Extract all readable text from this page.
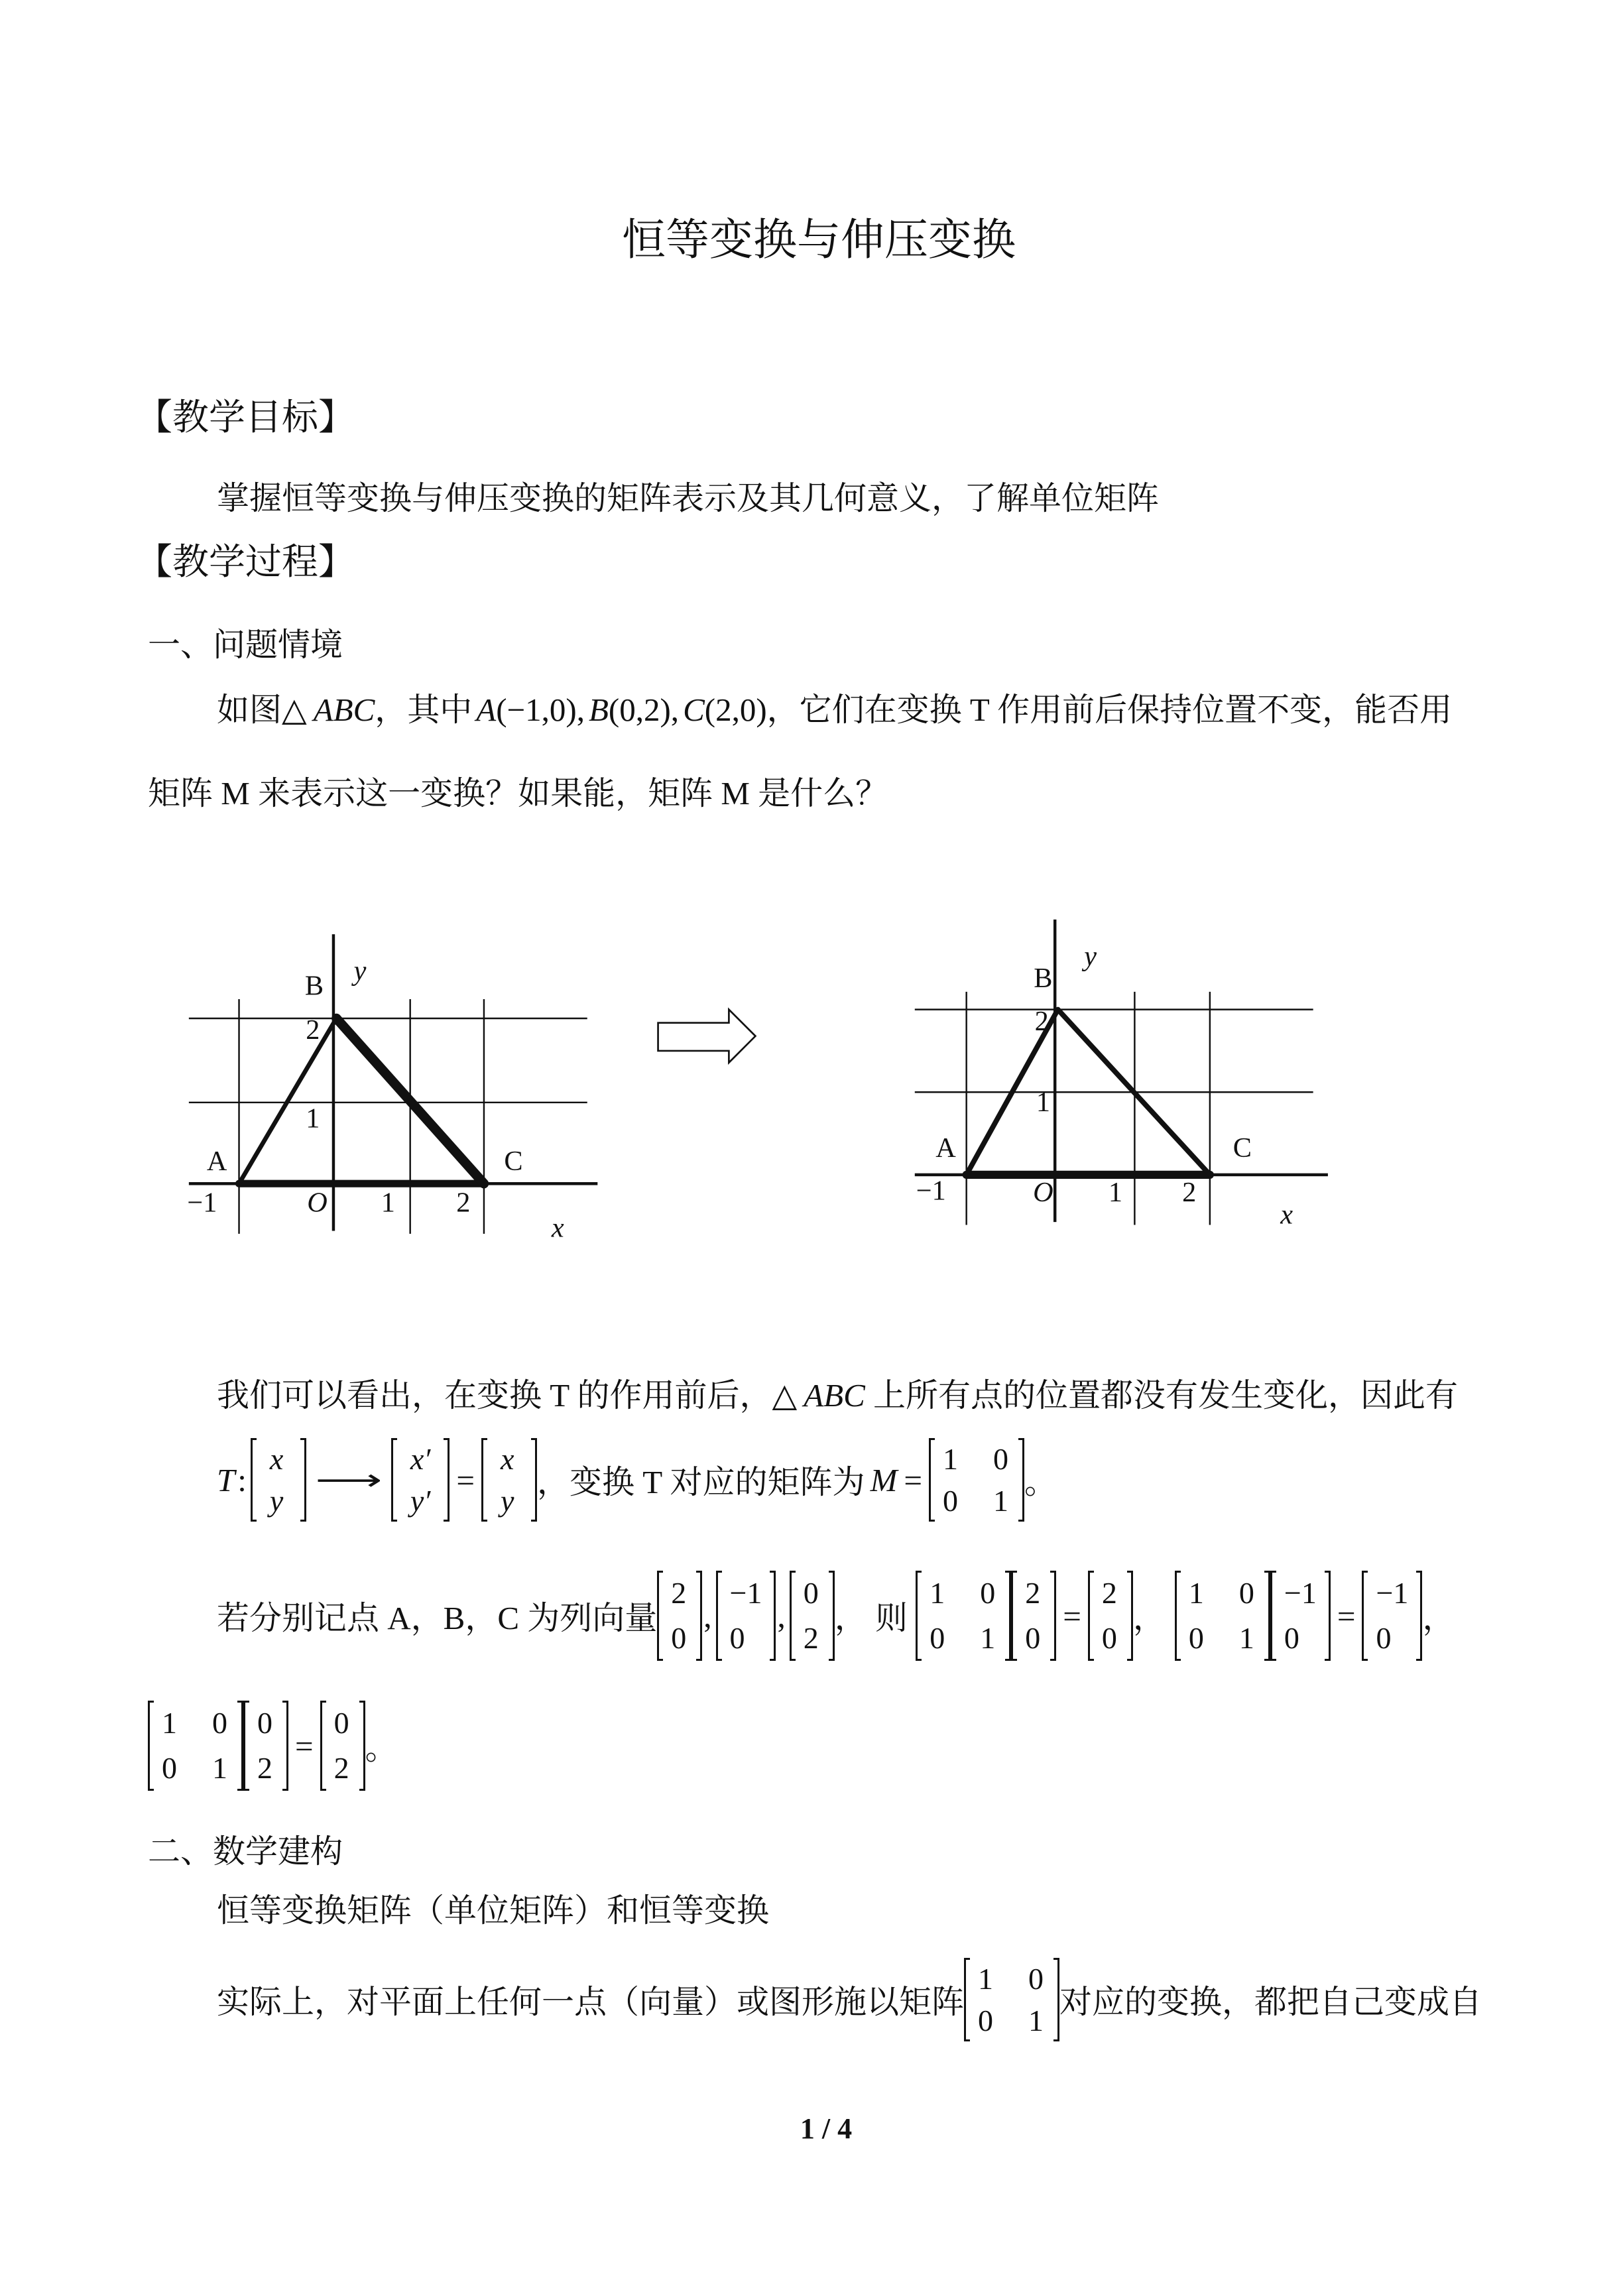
恒等变换与伸压变换
【教学目标】
掌握恒等变换与伸压变换的矩阵表示及其几何意义，了解单位矩阵
【教学过程】
一、问题情境
如图 △ ABC ，其中 A (−1,0), B (0,2), C (2,0) ，它们在变换 T 作用前后保持位置不变，能否用
矩阵 M 来表示这一变换？如果能，矩阵 M 是什么？
y
B
2
1
A	C
−1	O	1	2
x
y
B
2
1
A	C
−1	O	1	2
x
我们可以看出，在变换 T 的作用前后， △ ABC 上所有点的位置都没有发生变化，因此有
T :
x
y
⟶
x′
y′
=
x
y
，变换 T 对应的矩阵为 M =
1 0
0 1
。
若分别记点 A，B，C 为列向量
2
0
,
−1
0
,
0
2
， 则
1 0
0 1
2
0
=
2
0
，
1 0
0 1
−1
0
=
−1
0
，
1 0
0 1
0
2
=
0
2
。
二、数学建构
恒等变换矩阵（单位矩阵）和恒等变换
实际上，对平面上任何一点（向量）或图形施以矩阵
1 0
0 1
对应的变换，都把自己变成自
1 / 4
